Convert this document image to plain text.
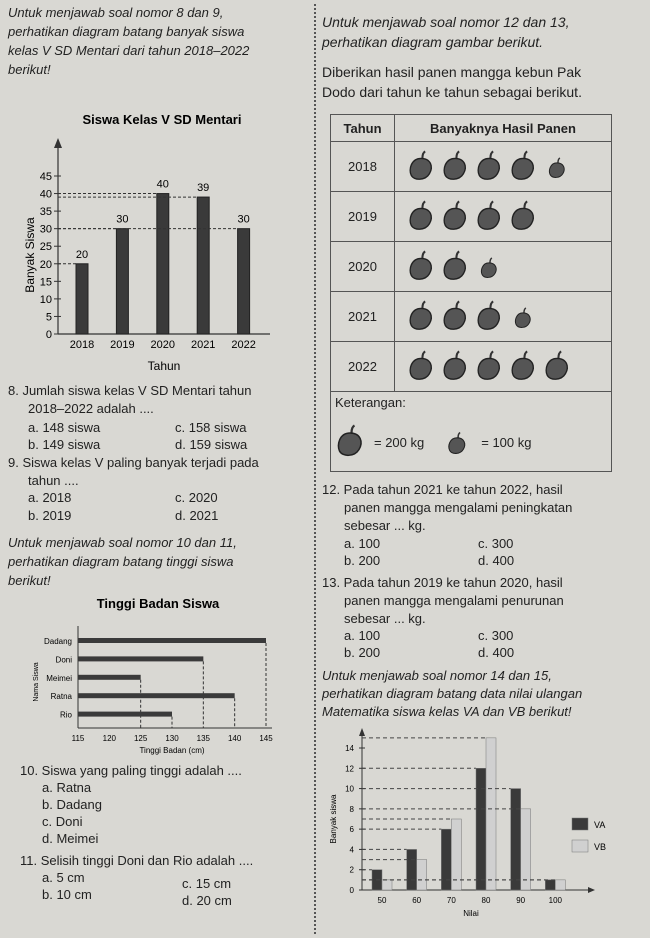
Untuk menjawab soal nomor 8 dan 9,
perhatikan diagram batang banyak siswa
kelas V SD Mentari dari tahun 2018–2022
berikut!
Siswa Kelas V SD Mentari
0
5
10
15
20
25
30
35
40
45
Banyak Siswa	20
2018
30
2019
40
2020
39
2021
30
2022
Tahun
8. Jumlah siswa kelas V SD Mentari tahun
2018–2022 adalah ....
a. 148 siswa
b. 149 siswa
c. 158 siswa
d. 159 siswa
9. Siswa kelas V paling banyak terjadi pada
tahun ....
a. 2018
b. 2019
c. 2020
d. 2021
Untuk menjawab soal nomor 10 dan 11,
perhatikan diagram batang tinggi siswa
berikut!
Tinggi Badan Siswa
Dadang
Doni
Meimei
Ratna
Rio
115 120 125 130 135 140 145
Tinggi Badan (cm)
Nama Siswa
10. Siswa yang paling tinggi adalah ....
a. Ratna
b. Dadang
c. Doni
d. Meimei
11. Selisih tinggi Doni dan Rio adalah ....
a. 5 cm
b. 10 cm
c. 15 cm
d. 20 cm
Untuk menjawab soal nomor 12 dan 13,
perhatikan diagram gambar berikut.
Diberikan hasil panen mangga kebun Pak
Dodo dari tahun ke tahun sebagai berikut.
Tahun	Banyaknya Hasil Panen
2018	
2019	
2020	
2021	
2022	

Keterangan:
= 200 kg = 100 kg	
12. Pada tahun 2021 ke tahun 2022, hasil
panen mangga mengalami peningkatan
sebesar ... kg.
a. 100
b. 200
c. 300
d. 400
13. Pada tahun 2019 ke tahun 2020, hasil
panen mangga mengalami penurunan
sebesar ... kg.
a. 100
b. 200
c. 300
d. 400
Untuk menjawab soal nomor 14 dan 15,
perhatikan diagram batang data nilai ulangan
Matematika siswa kelas VA dan VB berikut!
0
2
4
6
8
10
12
14
Banyak siswa
50	60	70	80	90	100
Nilai
VA
VB
